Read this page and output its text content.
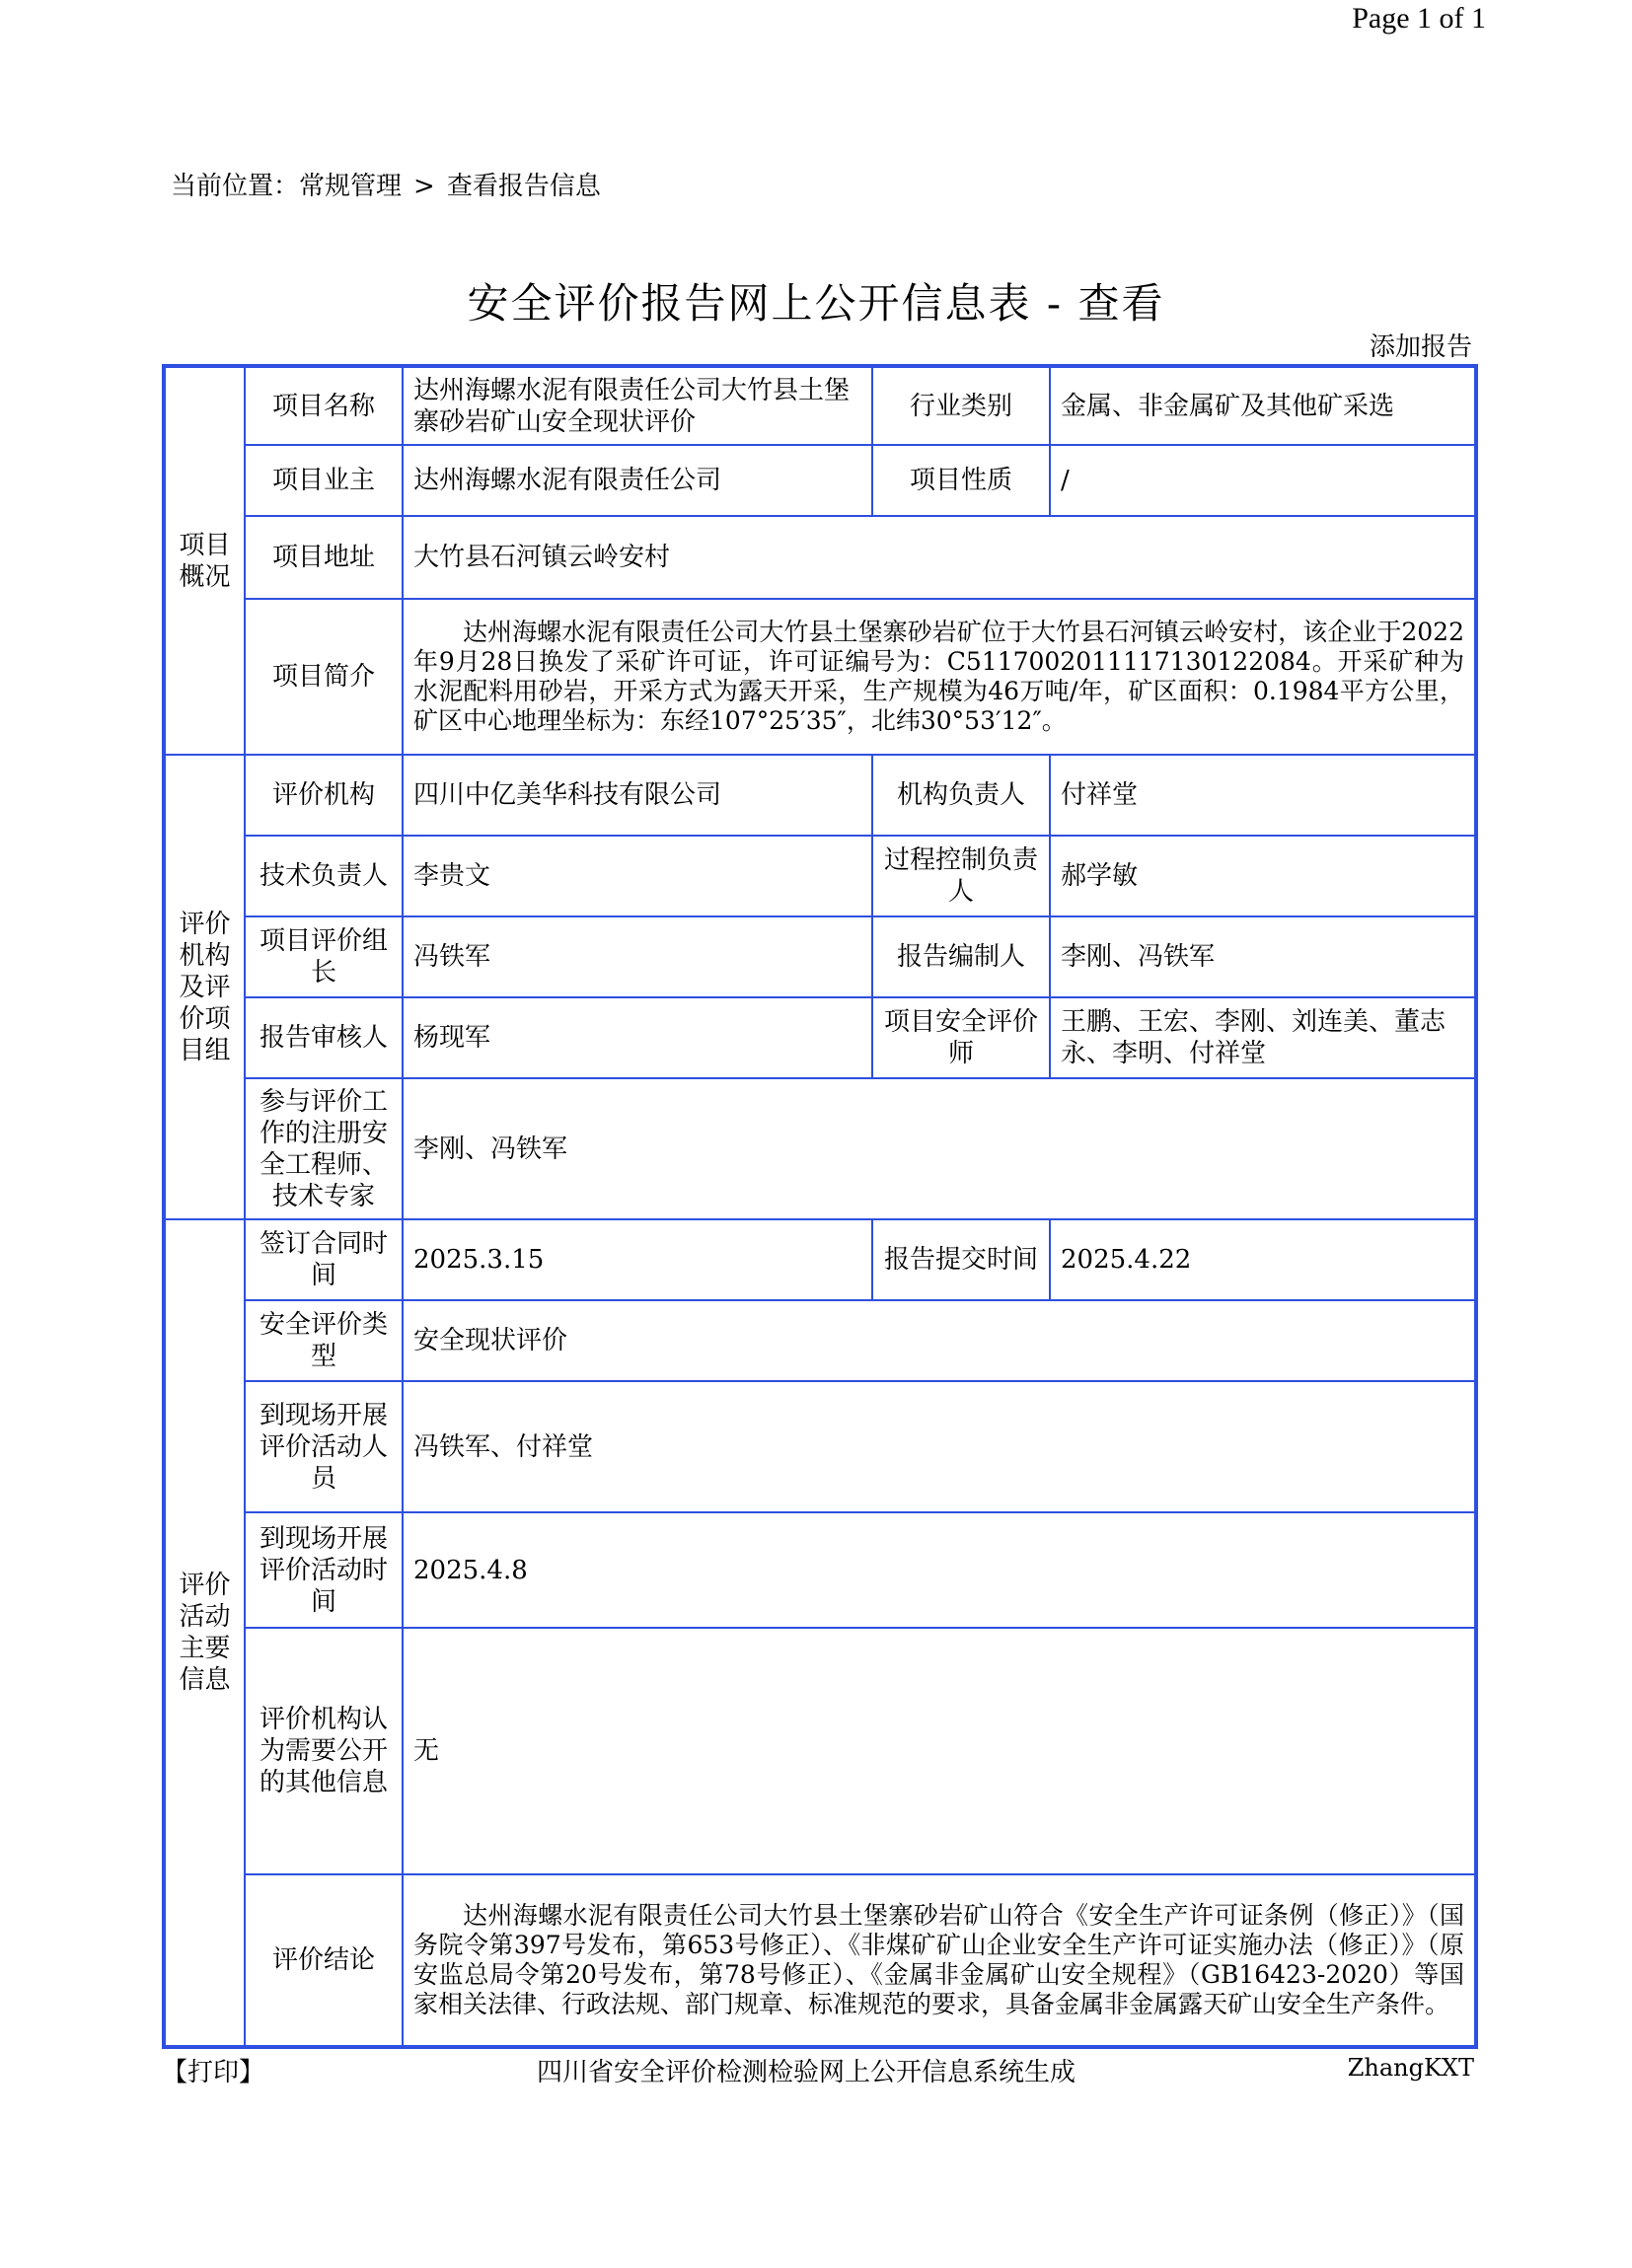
Page 1 of 1
当前位置：常规管理 > 查看报告信息
安全评价报告网上公开信息表 - 查看
添加报告
项目概况	项目名称	达州海螺水泥有限责任公司大竹县土堡寨砂岩矿山安全现状评价	行业类别	金属、非金属矿及其他矿采选
	项目业主	达州海螺水泥有限责任公司	项目性质	/
	项目地址	大竹县石河镇云岭安村		
	项目简介	达州海螺水泥有限责任公司大竹县土堡寨砂岩矿位于大竹县石河镇云岭安村，该企业于2022年9月28日换发了采矿许可证，许可证编号为：C5117002011117130122084。开采矿种为水泥配料用砂岩，开采方式为露天开采，生产规模为46万吨/年，矿区面积：0.1984平方公里，矿区中心地理坐标为：东经107°25′35″，北纬30°53′12″。		
评价机构及评价项目组	评价机构	四川中亿美华科技有限公司	机构负责人	付祥堂
	技术负责人	李贵文	过程控制负责人	郝学敏
	项目评价组长	冯铁军	报告编制人	李刚、冯铁军
	报告审核人	杨现军	项目安全评价师	王鹏、王宏、李刚、刘连美、董志永、李明、付祥堂
	参与评价工作的注册安全工程师、技术专家	李刚、冯铁军		
评价活动主要信息	签订合同时间	2025.3.15	报告提交时间	2025.4.22
	安全评价类型	安全现状评价		
	到现场开展评价活动人员	冯铁军、付祥堂		
	到现场开展评价活动时间	2025.4.8		
	评价机构认为需要公开的其他信息	无		
	评价结论	达州海螺水泥有限责任公司大竹县土堡寨砂岩矿山符合《安全生产许可证条例（修正）》（国务院令第397号发布，第653号修正）、《非煤矿矿山企业安全生产许可证实施办法（修正）》（原安监总局令第20号发布，第78号修正）、《金属非金属矿山安全规程》（GB16423-2020）等国家相关法律、行政法规、部门规章、标准规范的要求，具备金属非金属露天矿山安全生产条件。		
【打印】	四川省安全评价检测检验网上公开信息系统生成	ZhangKXT
